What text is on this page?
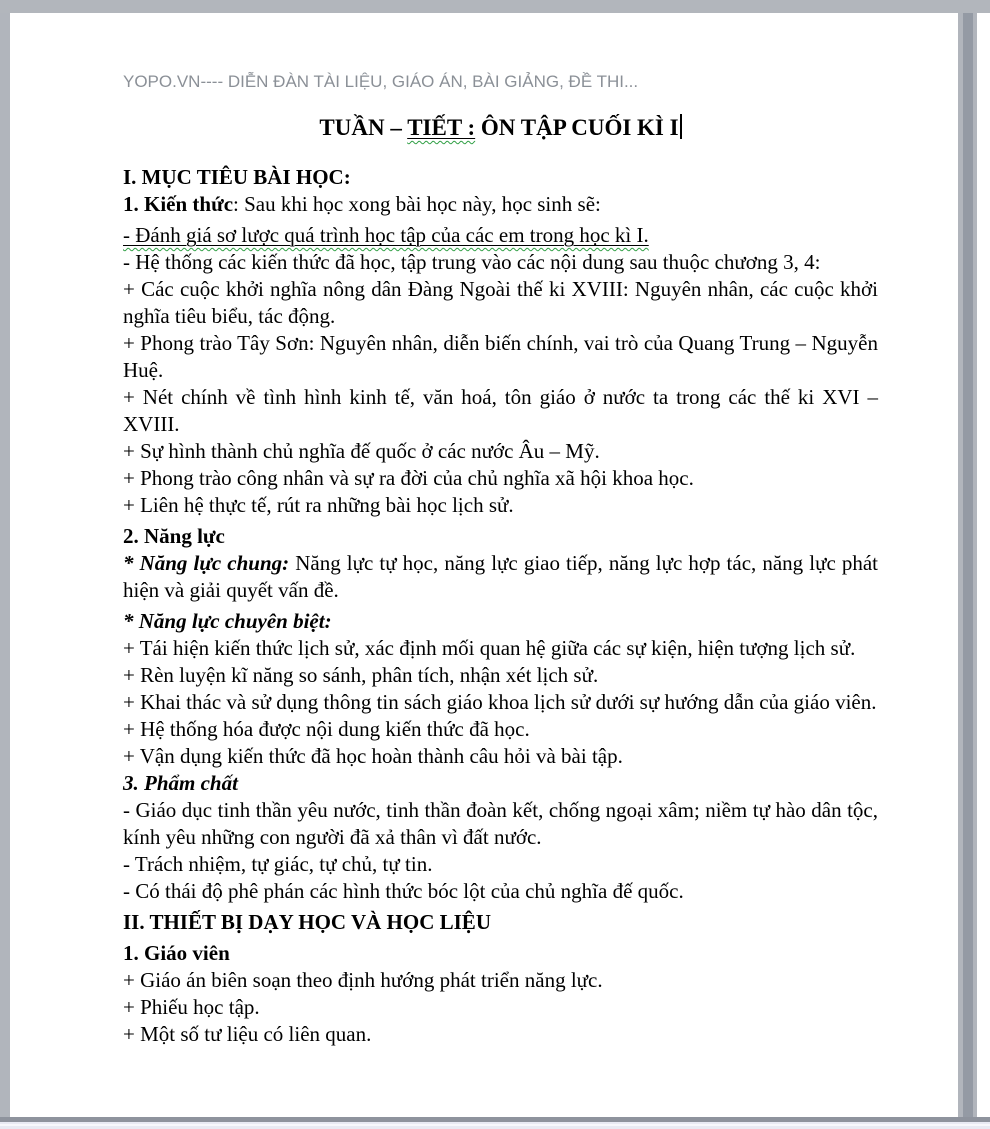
YOPO.VN---- DIỄN ĐÀN TÀI LIỆU, GIÁO ÁN, BÀI GIẢNG, ĐỀ THI...
TUẦN – TIẾT : ÔN TẬP CUỐI KÌ I

I. MỤC TIÊU BÀI HỌC:

1. Kiến thức: Sau khi học xong bài học này, học sinh sẽ:

- Đánh giá sơ lược quá trình học tập của các em trong học kì I.

- Hệ thống các kiến thức đã học, tập trung vào các nội dung sau thuộc chương 3, 4:

+ Các cuộc khởi nghĩa nông dân Đàng Ngoài thế ki XVIII: Nguyên nhân, các cuộc khởi nghĩa tiêu biểu, tác động.

+ Phong trào Tây Sơn: Nguyên nhân, diễn biến chính, vai trò của Quang Trung – Nguyễn Huệ.

+ Nét chính về tình hình kinh tế, văn hoá, tôn giáo ở nước ta trong các thế ki XVI – XVIII.

+ Sự hình thành chủ nghĩa đế quốc ở các nước Âu – Mỹ.

+ Phong trào công nhân và sự ra đời của chủ nghĩa xã hội khoa học.

+ Liên hệ thực tế, rút ra những bài học lịch sử.

2. Năng lực

* Năng lực chung: Năng lực tự học, năng lực giao tiếp, năng lực hợp tác, năng lực phát hiện và giải quyết vấn đề.

* Năng lực chuyên biệt:

+ Tái hiện kiến thức lịch sử, xác định mối quan hệ giữa các sự kiện, hiện tượng lịch sử.

+ Rèn luyện kĩ năng so sánh, phân tích, nhận xét lịch sử.

+ Khai thác và sử dụng thông tin sách giáo khoa lịch sử dưới sự hướng dẫn của giáo viên.

+ Hệ thống hóa được nội dung kiến thức đã học.

+ Vận dụng kiến thức đã học hoàn thành câu hỏi và bài tập.

3. Phẩm chất

- Giáo dục tinh thần yêu nước, tinh thần đoàn kết, chống ngoại xâm; niềm tự hào dân tộc, kính yêu những con người đã xả thân vì đất nước.

- Trách nhiệm, tự giác, tự chủ, tự tin.

- Có thái độ phê phán các hình thức bóc lột của chủ nghĩa đế quốc.

II. THIẾT BỊ DẠY HỌC VÀ HỌC LIỆU

1. Giáo viên

+ Giáo án biên soạn theo định hướng phát triển năng lực.

+ Phiếu học tập.

+ Một số tư liệu có liên quan.
